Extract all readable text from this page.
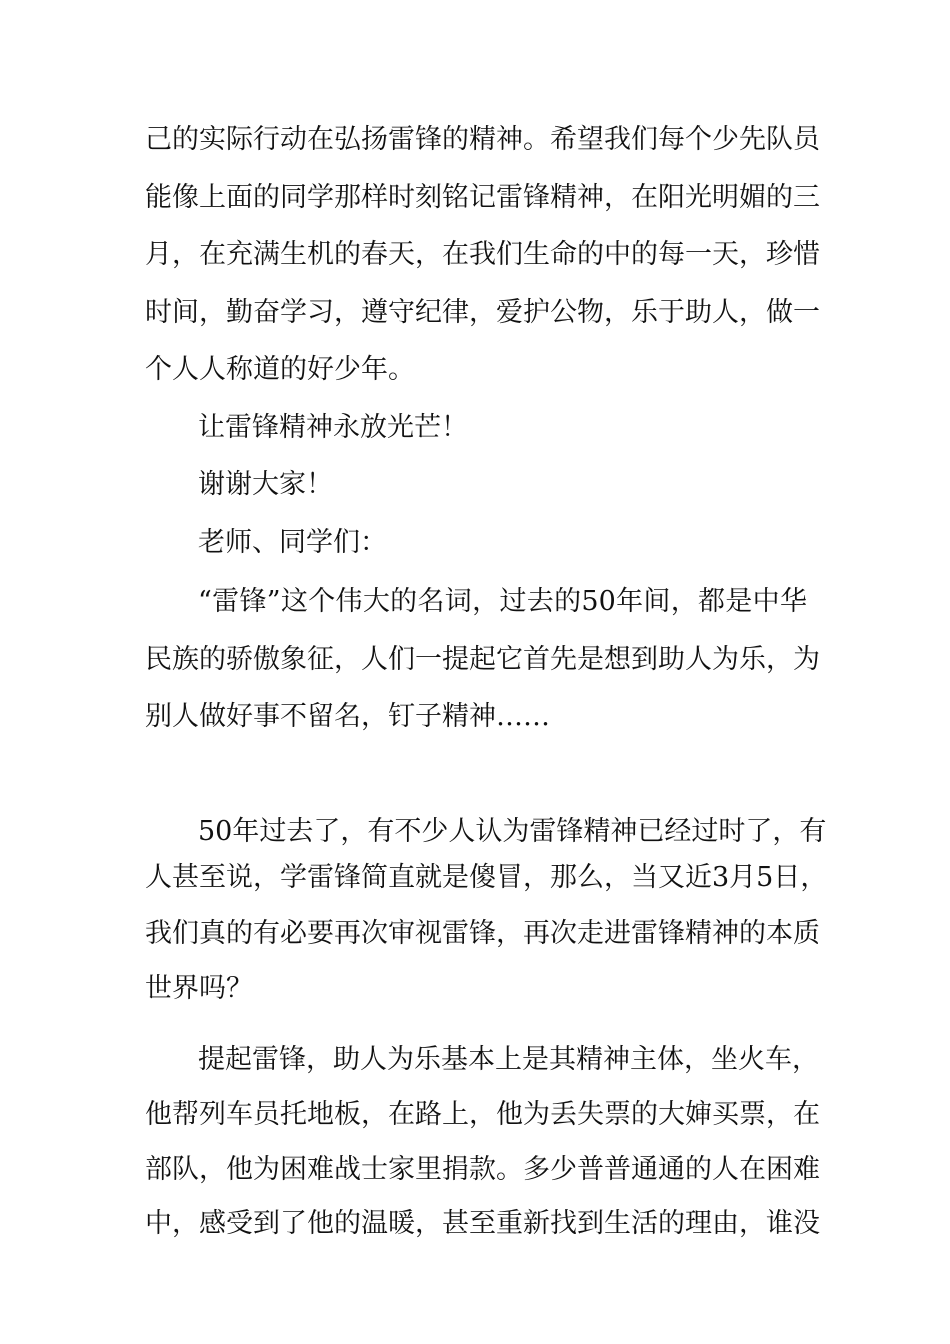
己的实际行动在弘扬雷锋的精神。希望我们每个少先队员
能像上面的同学那样时刻铭记雷锋精神，在阳光明媚的三
月，在充满生机的春天，在我们生命的中的每一天，珍惜
时间，勤奋学习，遵守纪律，爱护公物，乐于助人，做一
个人人称道的好少年。
让雷锋精神永放光芒！
谢谢大家！
老师、同学们：
“雷锋”这个伟大的名词，过去的50年间，都是中华
民族的骄傲象征，人们一提起它首先是想到助人为乐，为
别人做好事不留名，钉子精神……
50年过去了，有不少人认为雷锋精神已经过时了，有
人甚至说，学雷锋简直就是傻冒，那么，当又近3月5日，
我们真的有必要再次审视雷锋，再次走进雷锋精神的本质
世界吗？
提起雷锋，助人为乐基本上是其精神主体，坐火车，
他帮列车员托地板，在路上，他为丢失票的大婶买票，在
部队，他为困难战士家里捐款。多少普普通通的人在困难
中，感受到了他的温暖，甚至重新找到生活的理由，谁没
